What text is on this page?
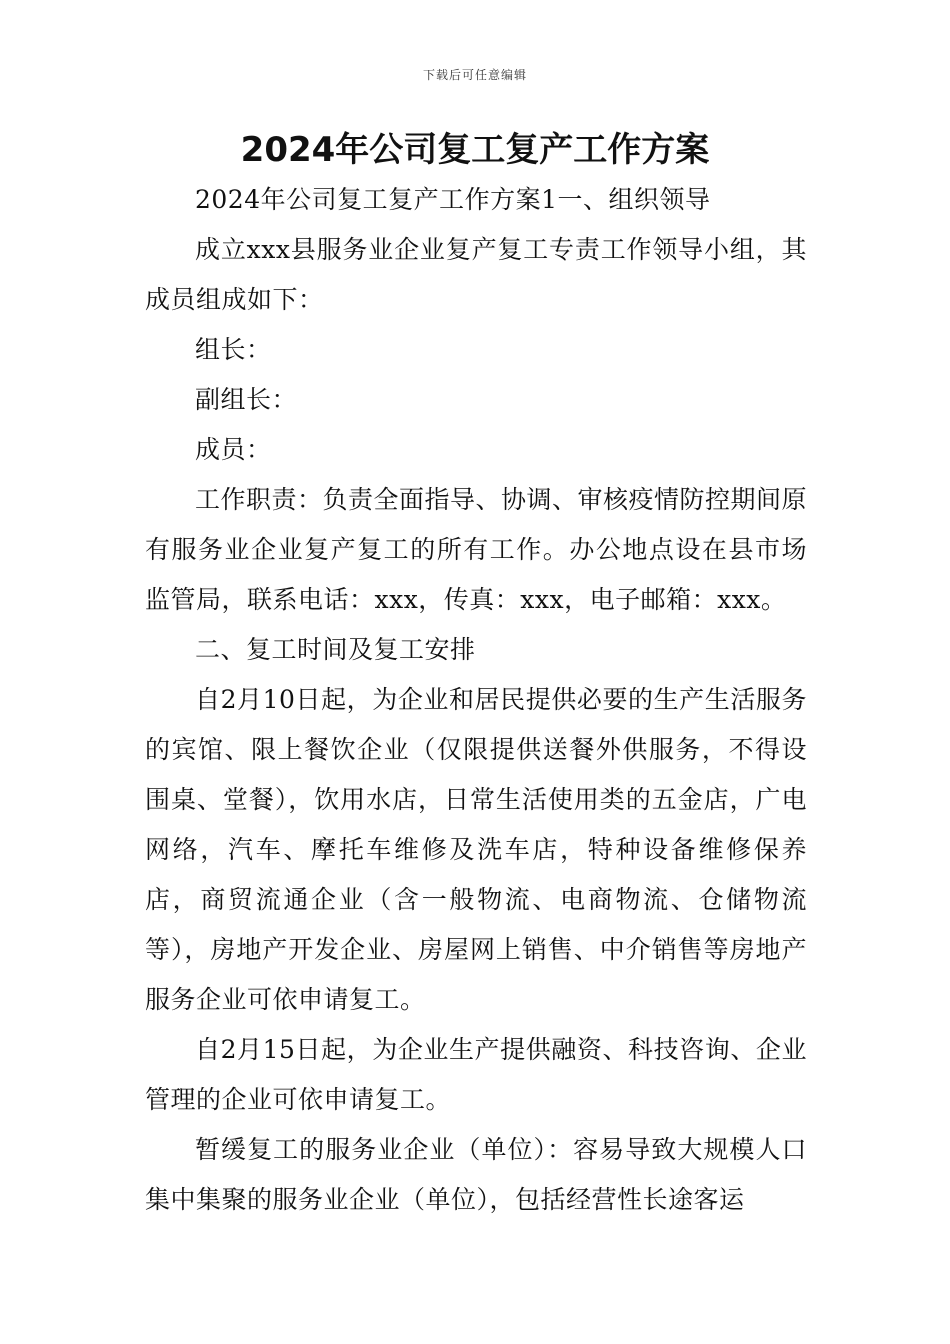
下载后可任意编辑
2024年公司复工复产工作方案

2024年公司复工复产工作方案1一、组织领导

成立xxx县服务业企业复产复工专责工作领导小组，其成员组成如下：

组长：

副组长：

成员：

工作职责：负责全面指导、协调、审核疫情防控期间原有服务业企业复产复工的所有工作。办公地点设在县市场监管局，联系电话：xxx，传真：xxx，电子邮箱：xxx。

二、复工时间及复工安排

自2月10日起，为企业和居民提供必要的生产生活服务的宾馆、限上餐饮企业（仅限提供送餐外供服务，不得设围桌、堂餐），饮用水店，日常生活使用类的五金店，广电网络，汽车、摩托车维修及洗车店，特种设备维修保养店，商贸流通企业（含一般物流、电商物流、仓储物流等），房地产开发企业、房屋网上销售、中介销售等房地产服务企业可依申请复工。

自2月15日起，为企业生产提供融资、科技咨询、企业管理的企业可依申请复工。

暂缓复工的服务业企业（单位）：容易导致大规模人口集中集聚的服务业企业（单位），包括经营性长途客运
